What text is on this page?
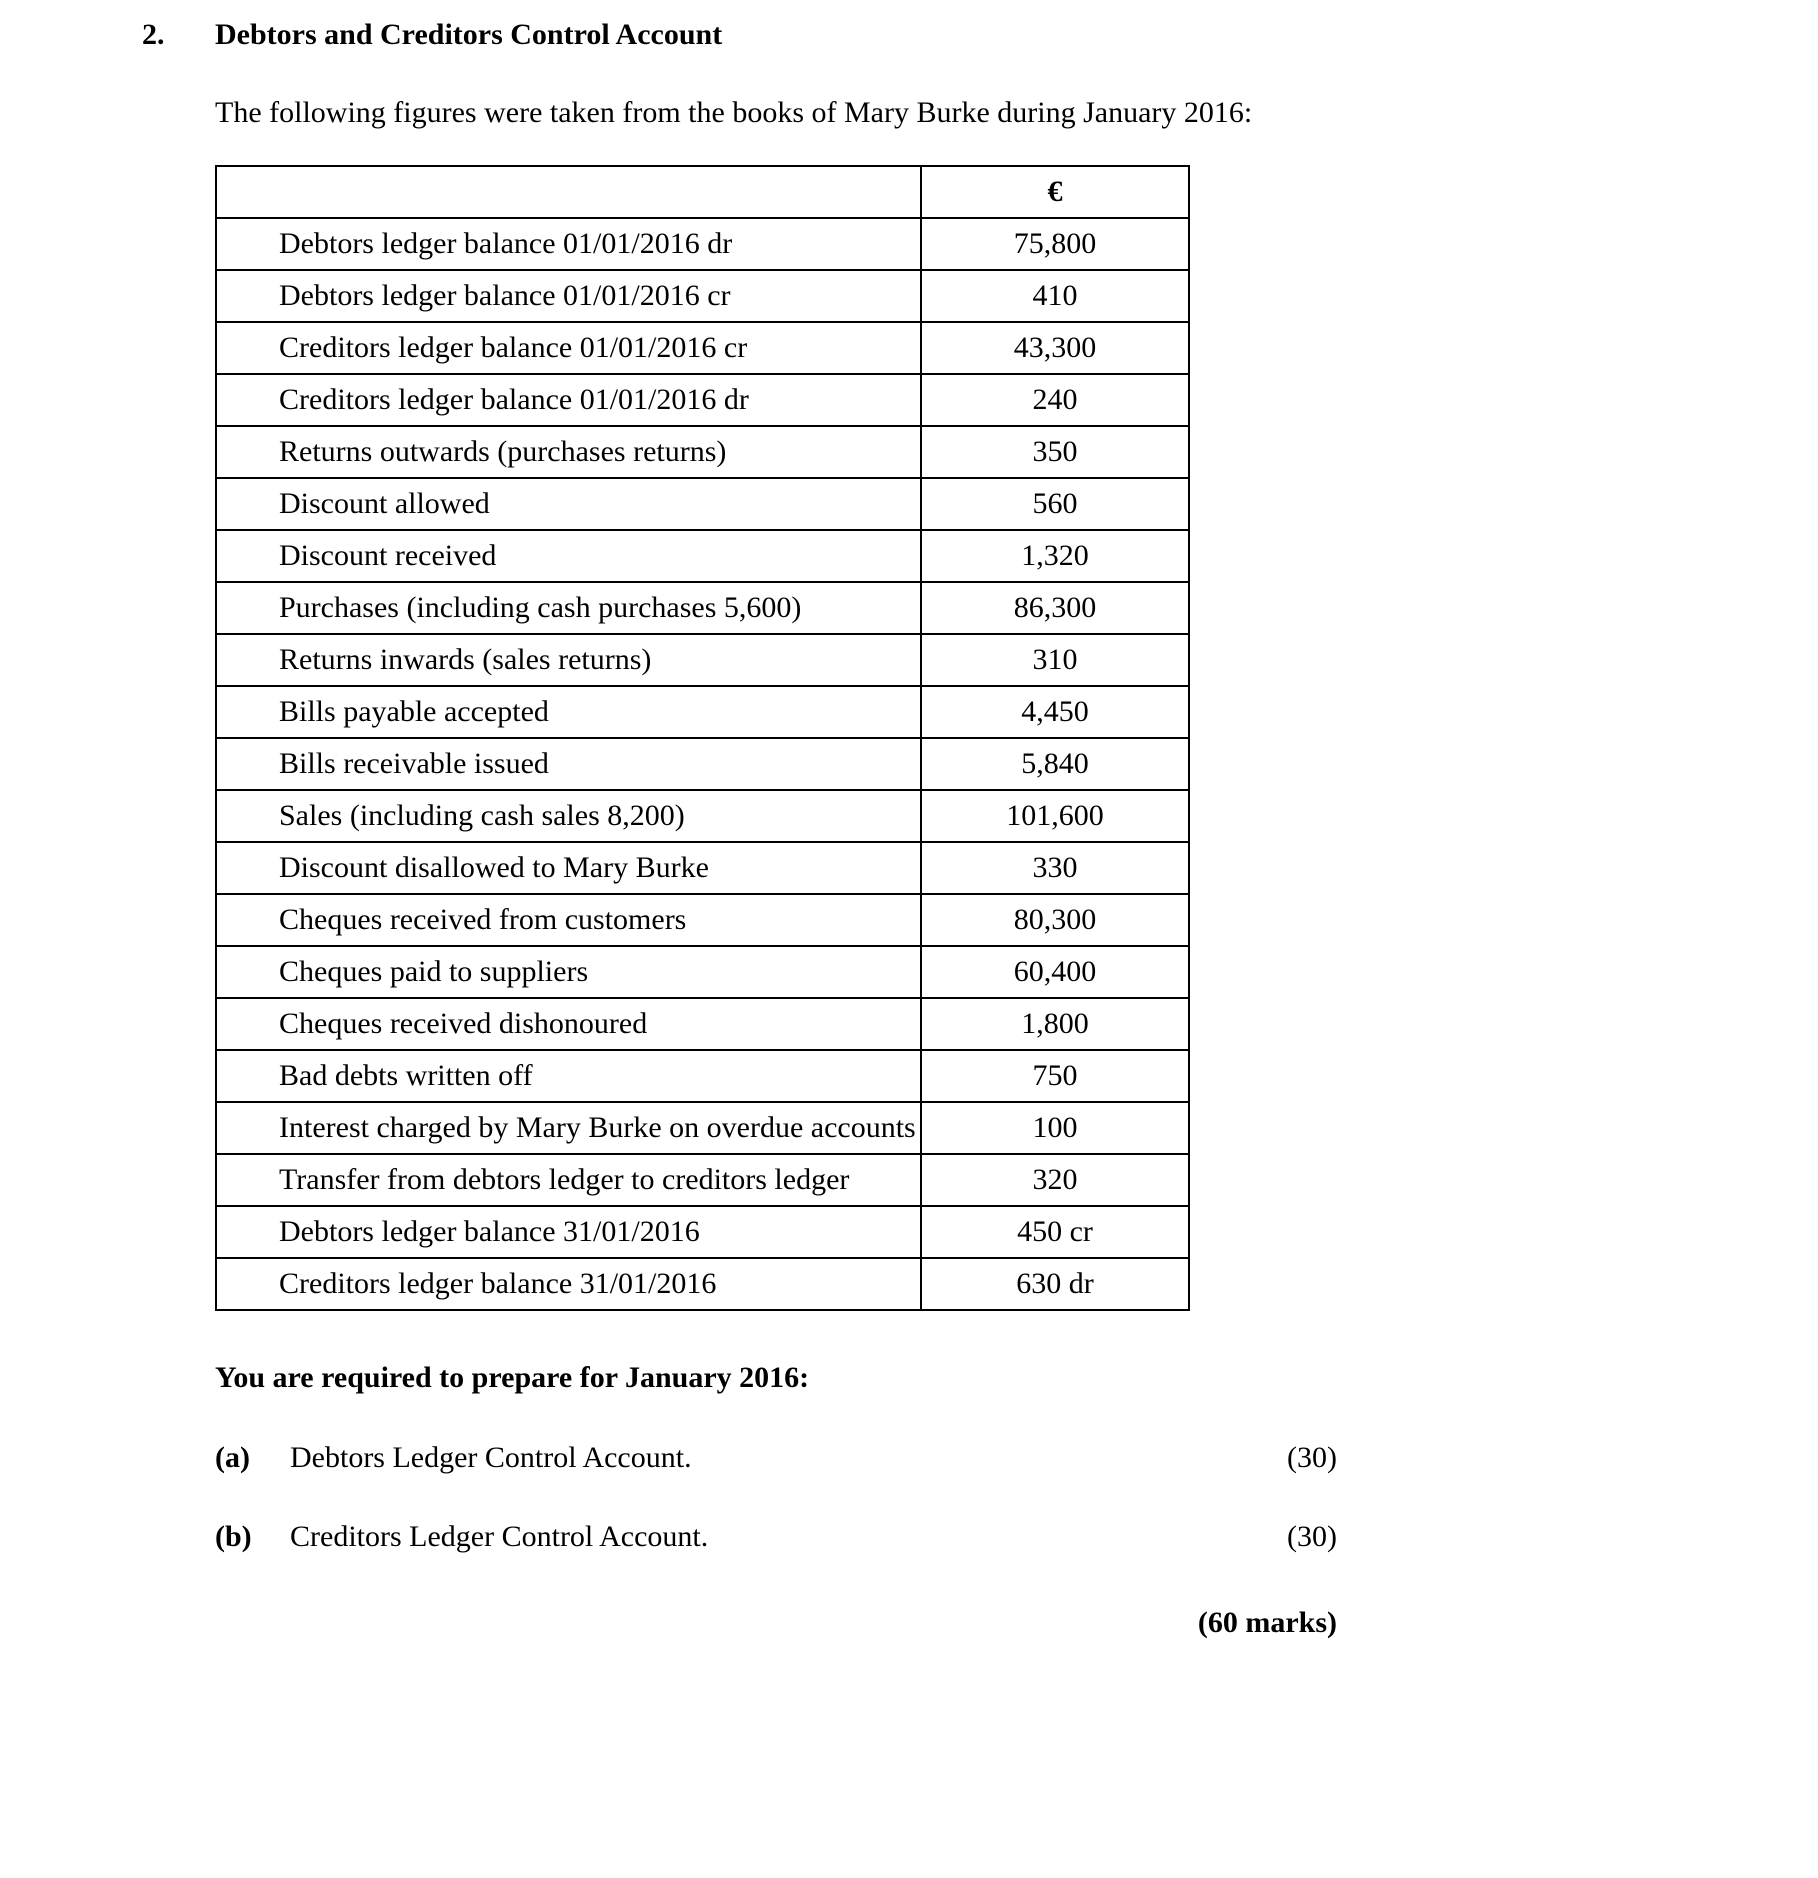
2.	Debtors and Creditors Control Account

The following figures were taken from the books of Mary Burke during January 2016:

	€
Debtors ledger balance 01/01/2016 dr	75,800
Debtors ledger balance 01/01/2016 cr	410
Creditors ledger balance 01/01/2016 cr	43,300
Creditors ledger balance 01/01/2016 dr	240
Returns outwards (purchases returns)	350
Discount allowed	560
Discount received	1,320
Purchases (including cash purchases 5,600)	86,300
Returns inwards (sales returns)	310
Bills payable accepted	4,450
Bills receivable issued	5,840
Sales (including cash sales 8,200)	101,600
Discount disallowed to Mary Burke	330
Cheques received from customers	80,300
Cheques paid to suppliers	60,400
Cheques received dishonoured	1,800
Bad debts written off	750
Interest charged by Mary Burke on overdue accounts	100
Transfer from debtors ledger to creditors ledger	320
Debtors ledger balance 31/01/2016	450 cr
Creditors ledger balance 31/01/2016	630 dr

You are required to prepare for January 2016:

(a)	Debtors Ledger Control Account.	(30)
(b)	Creditors Ledger Control Account.	(30)
(60 marks)
